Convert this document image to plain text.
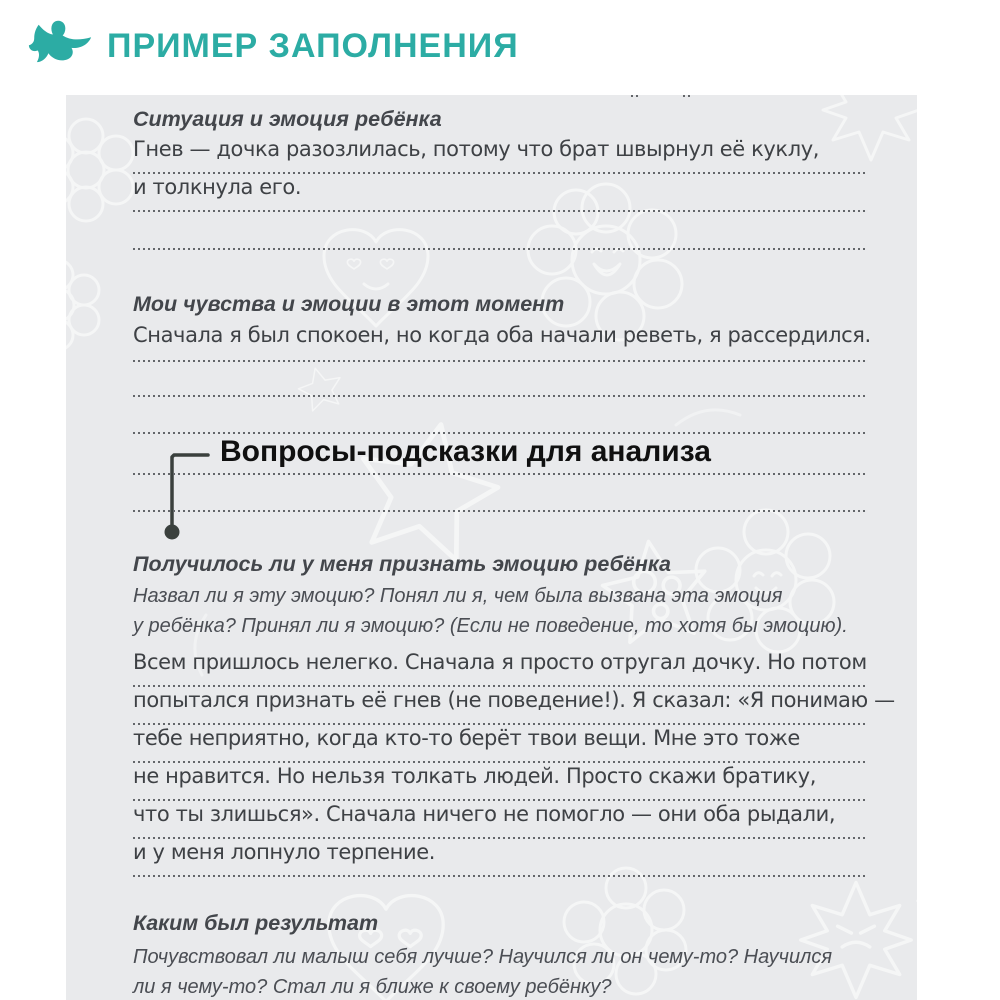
ПРИМЕР ЗАПОЛНЕНИЯ
Ситуация и эмоция ребёнка
Гнев — дочка разозлилась, потому что брат швырнул её куклу,
и толкнула его.
Мои чувства и эмоции в этот момент
Сначала я был спокоен, но когда оба начали реветь, я рассердился.
Вопросы-подсказки для анализа
Получилось ли у меня признать эмоцию ребёнка
Назвал ли я эту эмоцию? Понял ли я, чем была вызвана эта эмоция
у ребёнка? Принял ли я эмоцию? (Если не поведение, то хотя бы эмоцию).
Всем пришлось нелегко. Сначала я просто отругал дочку. Но потом
попытался признать её гнев (не поведение!). Я сказал: «Я понимаю —
тебе неприятно, когда кто-то берёт твои вещи. Мне это тоже
не нравится. Но нельзя толкать людей. Просто скажи братику,
что ты злишься». Сначала ничего не помогло — они оба рыдали,
и у меня лопнуло терпение.
Каким был результат
Почувствовал ли малыш себя лучше? Научился ли он чему-то? Научился
ли я чему-то? Стал ли я ближе к своему ребёнку?
